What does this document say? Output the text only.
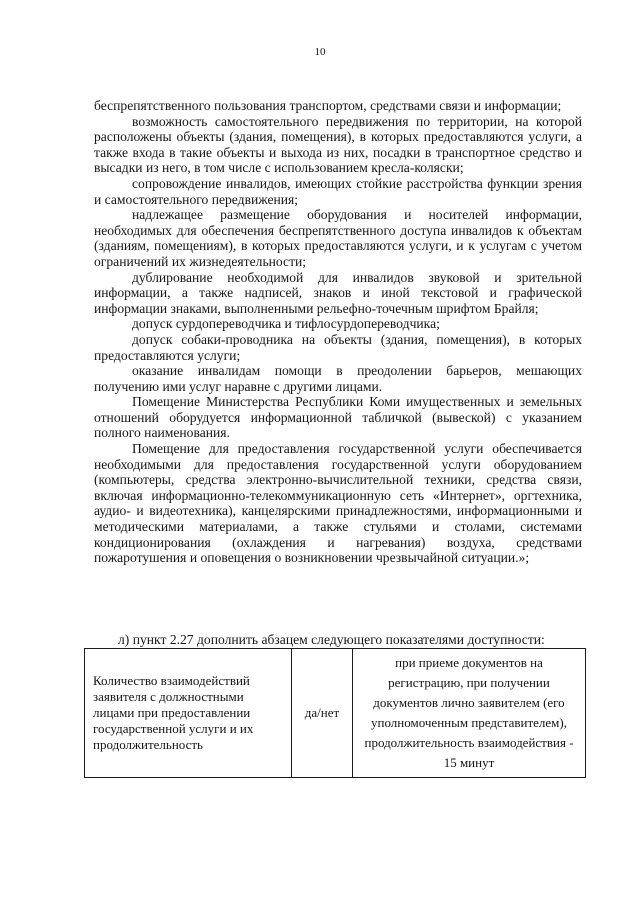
10

беспрепятственного пользования транспортом, средствами связи и информации;

возможность самостоятельного передвижения по территории, на которой расположены объекты (здания, помещения), в которых предоставляются услуги, а также входа в такие объекты и выхода из них, посадки в транспортное средство и высадки из него, в том числе с использованием кресла-коляски;

сопровождение инвалидов, имеющих стойкие расстройства функции зрения и самостоятельного передвижения;

надлежащее размещение оборудования и носителей информации, необходимых для обеспечения беспрепятственного доступа инвалидов к объектам (зданиям, помещениям), в которых предоставляются услуги, и к услугам с учетом ограничений их жизнедеятельности;

дублирование необходимой для инвалидов звуковой и зрительной информации, а также надписей, знаков и иной текстовой и графической информации знаками, выполненными рельефно-точечным шрифтом Брайля;

допуск сурдопереводчика и тифлосурдопереводчика;

допуск собаки-проводника на объекты (здания, помещения), в которых предоставляются услуги;

оказание инвалидам помощи в преодолении барьеров, мешающих получению ими услуг наравне с другими лицами.

Помещение Министерства Республики Коми имущественных и земельных отношений оборудуется информационной табличкой (вывеской) с указанием полного наименования.

Помещение для предоставления государственной услуги обеспечивается необходимыми для предоставления государственной услуги оборудованием (компьютеры, средства электронно-вычислительной техники, средства связи, включая информационно-телекоммуникационную сеть «Интернет», оргтехника, аудио- и видеотехника), канцелярскими принадлежностями, информационными и методическими материалами, а также стульями и столами, системами кондиционирования (охлаждения и нагревания) воздуха, средствами пожаротушения и оповещения о возникновении чрезвычайной ситуации.»;

л) пункт 2.27 дополнить абзацем следующего показателями доступности:
Количество взаимодействий заявителя с должностными лицами при предоставлении государственной услуги и их продолжительность	да/нет	при приеме документов на регистрацию, при получении документов лично заявителем (его уполномоченным представителем), продолжительность взаимодействия - 15 минут
